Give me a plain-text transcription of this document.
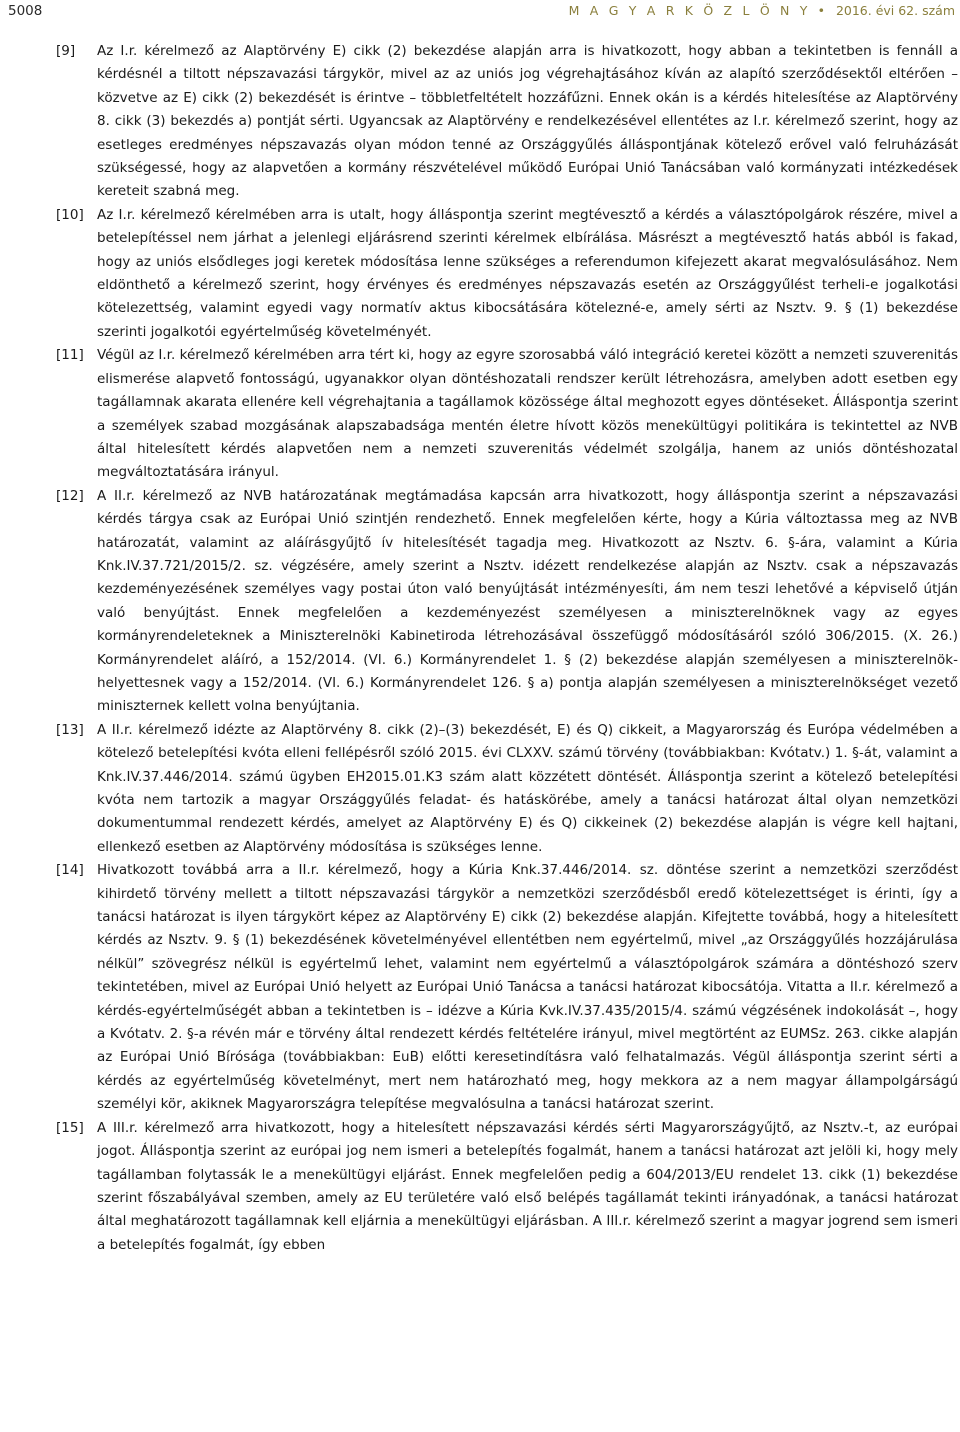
5008	M A G Y A R K Ö Z L Ö N Y • 2016. évi 62. szám
[9] Az I.r. kérelmező az Alaptörvény E) cikk (2) bekezdése alapján arra is hivatkozott, hogy abban a tekintetben is fennáll a kérdésnél a tiltott népszavazási tárgykör, mivel az az uniós jog végrehajtásához kíván az alapító szerződésektől eltérően – közvetve az E) cikk (2) bekezdését is érintve – többletfeltételt hozzáfűzni. Ennek okán is a kérdés hitelesítése az Alaptörvény 8. cikk (3) bekezdés a) pontját sérti. Ugyancsak az Alaptörvény e rendelkezésével ellentétes az I.r. kérelmező szerint, hogy az esetleges eredményes népszavazás olyan módon tenné az Országgyűlés álláspontjának kötelező erővel való felruházását szükségessé, hogy az alapvetően a kormány részvételével működő Európai Unió Tanácsában való kormányzati intézkedések kereteit szabná meg.

[10] Az I.r. kérelmező kérelmében arra is utalt, hogy álláspontja szerint megtévesztő a kérdés a választópolgárok részére, mivel a betelepítéssel nem járhat a jelenlegi eljárásrend szerinti kérelmek elbírálása. Másrészt a megtévesztő hatás abból is fakad, hogy az uniós elsődleges jogi keretek módosítása lenne szükséges a referendumon kifejezett akarat megvalósulásához. Nem eldönthető a kérelmező szerint, hogy érvényes és eredményes népszavazás esetén az Országgyűlést terheli-e jogalkotási kötelezettség, valamint egyedi vagy normatív aktus kibocsátására kötelezné-e, amely sérti az Nsztv. 9. § (1) bekezdése szerinti jogalkotói egyértelműség követelményét.

[11] Végül az I.r. kérelmező kérelmében arra tért ki, hogy az egyre szorosabbá váló integráció keretei között a nemzeti szuverenitás elismerése alapvető fontosságú, ugyanakkor olyan döntéshozatali rendszer került létrehozásra, amelyben adott esetben egy tagállamnak akarata ellenére kell végrehajtania a tagállamok közössége által meghozott egyes döntéseket. Álláspontja szerint a személyek szabad mozgásának alapszabadsága mentén életre hívott közös menekültügyi politikára is tekintettel az NVB által hitelesített kérdés alapvetően nem a nemzeti szuverenitás védelmét szolgálja, hanem az uniós döntéshozatal megváltoztatására irányul.

[12] A II.r. kérelmező az NVB határozatának megtámadása kapcsán arra hivatkozott, hogy álláspontja szerint a népszavazási kérdés tárgya csak az Európai Unió szintjén rendezhető. Ennek megfelelően kérte, hogy a Kúria változtassa meg az NVB határozatát, valamint az aláírásgyűjtő ív hitelesítését tagadja meg. Hivatkozott az Nsztv. 6. §-ára, valamint a Kúria Knk.IV.37.721/2015/2. sz. végzésére, amely szerint a Nsztv. idézett rendelkezése alapján az Nsztv. csak a népszavazás kezdeményezésének személyes vagy postai úton való benyújtását intézményesíti, ám nem teszi lehetővé a képviselő útján való benyújtást. Ennek megfelelően a kezdeményezést személyesen a miniszterelnöknek vagy az egyes kormányrendeleteknek a Miniszterelnöki Kabinetiroda létrehozásával összefüggő módosításáról szóló 306/2015. (X. 26.) Kormányrendelet aláíró, a 152/2014. (VI. 6.) Kormányrendelet 1. § (2) bekezdése alapján személyesen a miniszterelnök-helyettesnek vagy a 152/2014. (VI. 6.) Kormányrendelet 126. § a) pontja alapján személyesen a miniszterelnökséget vezető miniszternek kellett volna benyújtania.

[13] A II.r. kérelmező idézte az Alaptörvény 8. cikk (2)–(3) bekezdését, E) és Q) cikkeit, a Magyarország és Európa védelmében a kötelező betelepítési kvóta elleni fellépésről szóló 2015. évi CLXXV. számú törvény (továbbiakban: Kvótatv.) 1. §-át, valamint a Knk.IV.37.446/2014. számú ügyben EH2015.01.K3 szám alatt közzétett döntését. Álláspontja szerint a kötelező betelepítési kvóta nem tartozik a magyar Országgyűlés feladat- és hatáskörébe, amely a tanácsi határozat által olyan nemzetközi dokumentummal rendezett kérdés, amelyet az Alaptörvény E) és Q) cikkeinek (2) bekezdése alapján is végre kell hajtani, ellenkező esetben az Alaptörvény módosítása is szükséges lenne.

[14] Hivatkozott továbbá arra a II.r. kérelmező, hogy a Kúria Knk.37.446/2014. sz. döntése szerint a nemzetközi szerződést kihirdető törvény mellett a tiltott népszavazási tárgykör a nemzetközi szerződésből eredő kötelezettséget is érinti, így a tanácsi határozat is ilyen tárgykört képez az Alaptörvény E) cikk (2) bekezdése alapján. Kifejtette továbbá, hogy a hitelesített kérdés az Nsztv. 9. § (1) bekezdésének követelményével ellentétben nem egyértelmű, mivel „az Országgyűlés hozzájárulása nélkül” szövegrész nélkül is egyértelmű lehet, valamint nem egyértelmű a választópolgárok számára a döntéshozó szerv tekintetében, mivel az Európai Unió helyett az Európai Unió Tanácsa a tanácsi határozat kibocsátója. Vitatta a II.r. kérelmező a kérdés-egyértelműségét abban a tekintetben is – idézve a Kúria Kvk.IV.37.435/2015/4. számú végzésének indokolását –, hogy a Kvótatv. 2. §-a révén már e törvény által rendezett kérdés feltételére irányul, mivel megtörtént az EUMSz. 263. cikke alapján az Európai Unió Bírósága (továbbiakban: EuB) előtti keresetindításra való felhatalmazás. Végül álláspontja szerint sérti a kérdés az egyértelműség követelményt, mert nem határozható meg, hogy mekkora az a nem magyar állampolgárságú személyi kör, akiknek Magyarországra telepítése megvalósulna a tanácsi határozat szerint.

[15] A III.r. kérelmező arra hivatkozott, hogy a hitelesített népszavazási kérdés sérti Magyarországyűjtő, az Nsztv.-t, az európai jogot. Álláspontja szerint az európai jog nem ismeri a betelepítés fogalmát, hanem a tanácsi határozat azt jelöli ki, hogy mely tagállamban folytassák le a menekültügyi eljárást. Ennek megfelelően pedig a 604/2013/EU rendelet 13. cikk (1) bekezdése szerint főszabályával szemben, amely az EU területére való első belépés tagállamát tekinti irányadónak, a tanácsi határozat által meghatározott tagállamnak kell eljárnia a menekültügyi eljárásban. A III.r. kérelmező szerint a magyar jogrend sem ismeri a betelepítés fogalmát, így ebben
